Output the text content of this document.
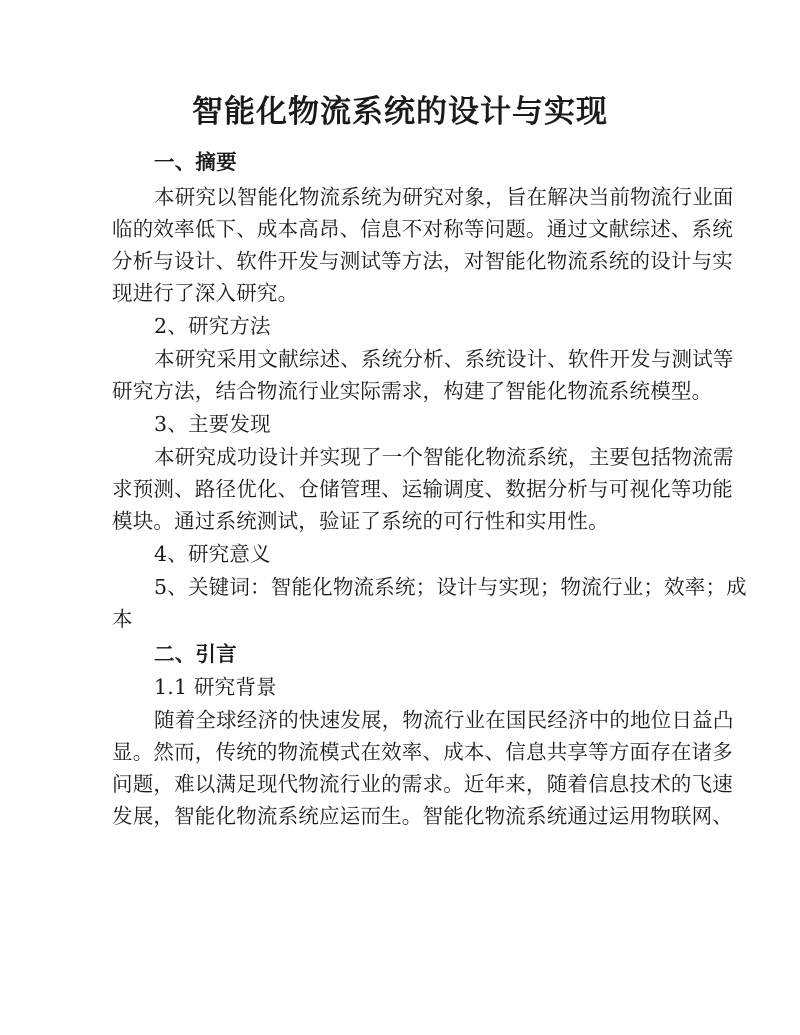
智能化物流系统的设计与实现
一、摘要
本研究以智能化物流系统为研究对象，旨在解决当前物流行业面
临的效率低下、成本高昂、信息不对称等问题。通过文献综述、系统
分析与设计、软件开发与测试等方法，对智能化物流系统的设计与实
现进行了深入研究。
2、研究方法
本研究采用文献综述、系统分析、系统设计、软件开发与测试等
研究方法，结合物流行业实际需求，构建了智能化物流系统模型。
3、主要发现
本研究成功设计并实现了一个智能化物流系统，主要包括物流需
求预测、路径优化、仓储管理、运输调度、数据分析与可视化等功能
模块。通过系统测试，验证了系统的可行性和实用性。
4、研究意义
5、关键词：智能化物流系统；设计与实现；物流行业；效率；成
本
二、引言
1.1 研究背景
随着全球经济的快速发展，物流行业在国民经济中的地位日益凸
显。然而，传统的物流模式在效率、成本、信息共享等方面存在诸多
问题，难以满足现代物流行业的需求。近年来，随着信息技术的飞速
发展，智能化物流系统应运而生。智能化物流系统通过运用物联网、
